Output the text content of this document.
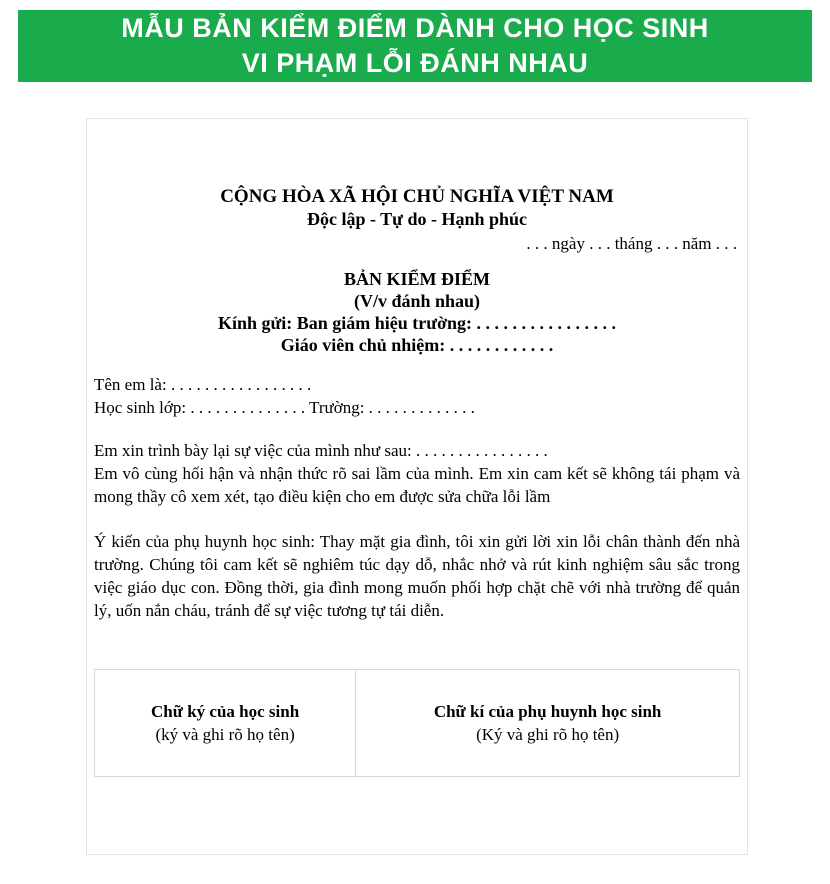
MẪU BẢN KIỂM ĐIỂM DÀNH CHO HỌC SINH
VI PHẠM LỖI ĐÁNH NHAU
CỘNG HÒA XÃ HỘI CHỦ NGHĨA VIỆT NAM
Độc lập - Tự do - Hạnh phúc
. . . ngày . . . tháng . . . năm . . .
BẢN KIỂM ĐIỂM
(V/v đánh nhau)
Kính gửi: Ban giám hiệu trường: . . . . . . . . . . . . . . . .
Giáo viên chủ nhiệm: . . . . . . . . . . . .
Tên em là: . . . . . . . . . . . . . . . . .
Học sinh lớp: . . . . . . . . . . . . . . Trường: . . . . . . . . . . . . .
Em xin trình bày lại sự việc của mình như sau: . . . . . . . . . . . . . . . .
Em vô cùng hối hận và nhận thức rõ sai lầm của mình. Em xin cam kết sẽ không tái phạm và mong thầy cô xem xét, tạo điều kiện cho em được sửa chữa lỗi lầm
Ý kiến của phụ huynh học sinh: Thay mặt gia đình, tôi xin gửi lời xin lỗi chân thành đến nhà trường. Chúng tôi cam kết sẽ nghiêm túc dạy dỗ, nhắc nhở và rút kinh nghiệm sâu sắc trong việc giáo dục con. Đồng thời, gia đình mong muốn phối hợp chặt chẽ với nhà trường để quản lý, uốn nắn cháu, tránh để sự việc tương tự tái diễn.
Chữ ký của học sinh
(ký và ghi rõ họ tên)

Chữ kí của phụ huynh học sinh
(Ký và ghi rõ họ tên)
